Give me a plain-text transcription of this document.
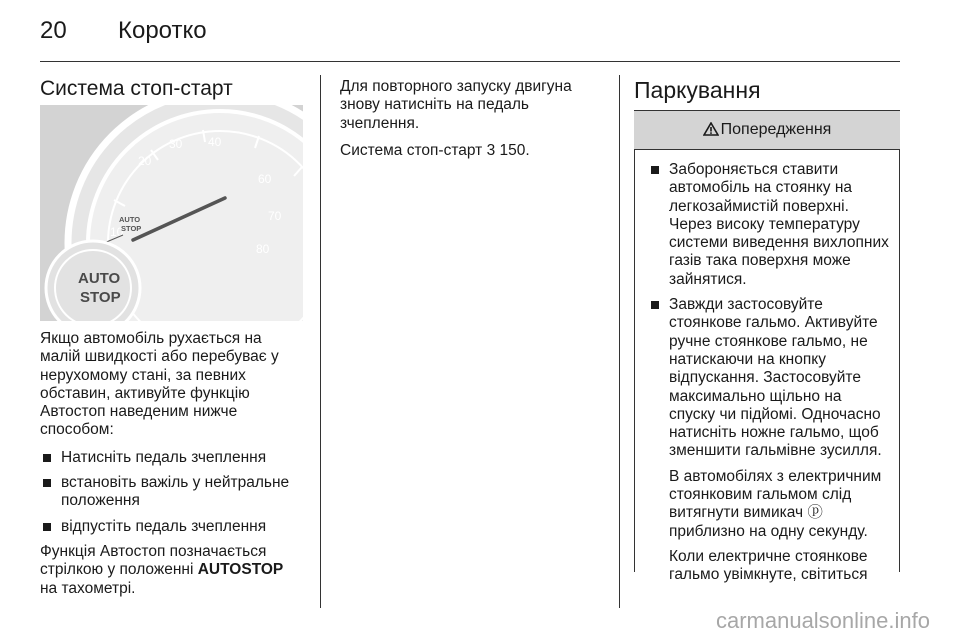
20 Коротко
Система стоп-старт
10
20
30 40
60
70
80
AUTO
STOP
AUTO
STOP

Якщо автомобіль рухається на
малій швидкості або перебуває у
нерухомому стані, за певних
обставин, активуйте функцію
Автостоп наведеним нижче
способом:

Натисніть педаль зчеплення
встановіть важіль у нейтральне
положення
відпустіть педаль зчеплення

Функція Автостоп позначається
стрілкою у положенні AUTOSTOP
на тахометрі.

Для повторного запуску двигуна
знову натисніть на педаль
зчеплення.

Система стоп-старт 3 150.

Паркування
Попередження
Забороняється ставити
автомобіль на стоянку на
легкозаймистій поверхні.
Через високу температуру
системи виведення вихлопних
газів така поверхня може
зайнятися.
Завжди застосовуйте
стоянкове гальмо. Активуйте
ручне стоянкове гальмо, не
натискаючи на кнопку
відпускання. Застосовуйте
максимально щільно на
спуску чи підйомі. Одночасно
натисніть ножне гальмо, щоб
зменшити гальмівне зусилля.

В автомобілях з електричним
стоянковим гальмом слід
витягнути вимикач ⓟ
приблизно на одну секунду.

Коли електричне стоянкове
гальмо увімкнуте, світиться

carmanualsonline.info
